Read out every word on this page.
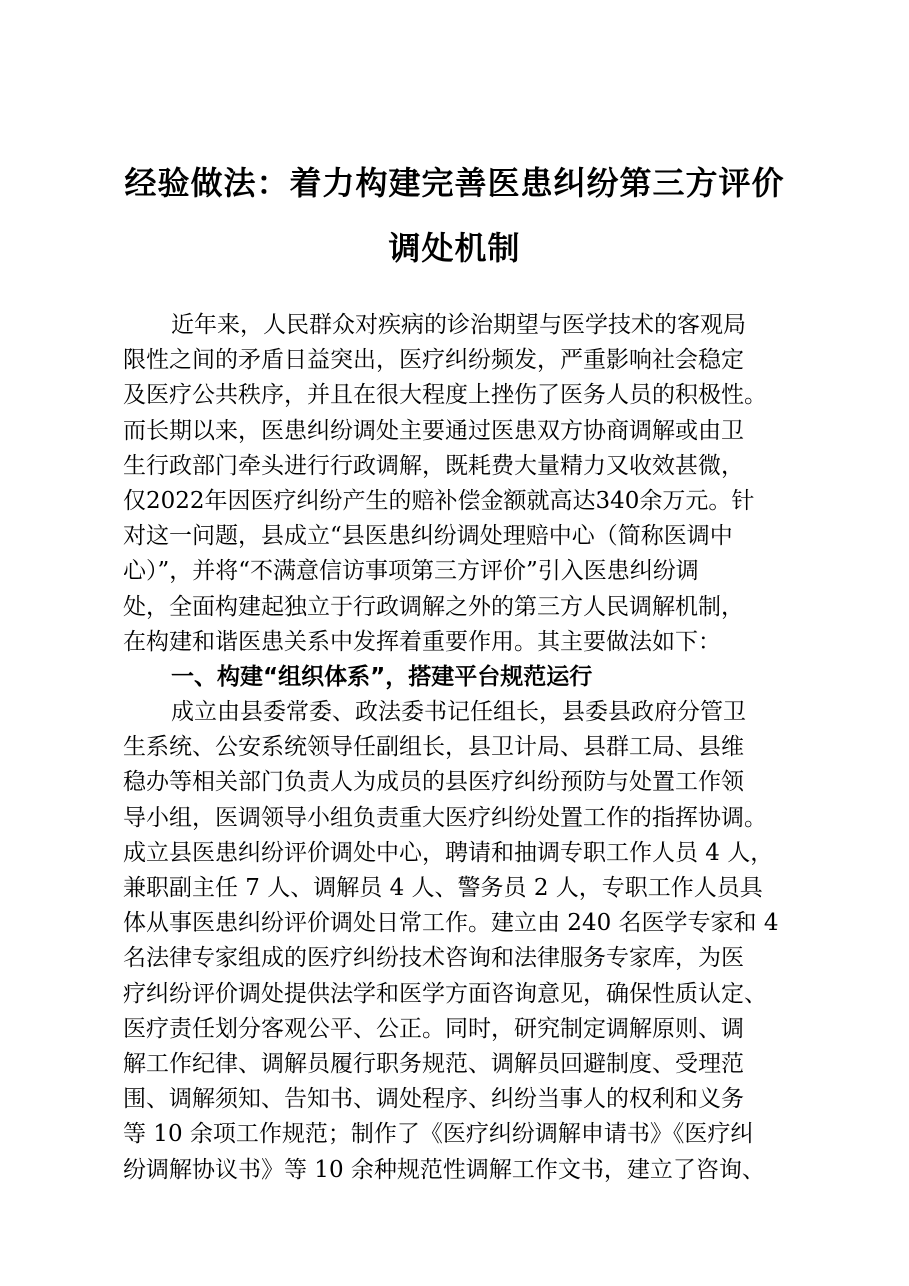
经验做法：着力构建完善医患纠纷第三方评价
调处机制
近年来，人民群众对疾病的诊治期望与医学技术的客观局
限性之间的矛盾日益突出，医疗纠纷频发，严重影响社会稳定
及医疗公共秩序，并且在很大程度上挫伤了医务人员的积极性。
而长期以来，医患纠纷调处主要通过医患双方协商调解或由卫
生行政部门牵头进行行政调解，既耗费大量精力又收效甚微，
仅2022年因医疗纠纷产生的赔补偿金额就高达340余万元。针
对这一问题，县成立“县医患纠纷调处理赔中心（简称医调中
心）”，并将“不满意信访事项第三方评价”引入医患纠纷调
处，全面构建起独立于行政调解之外的第三方人民调解机制，
在构建和谐医患关系中发挥着重要作用。其主要做法如下：
一、构建“组织体系”，搭建平台规范运行
成立由县委常委、政法委书记任组长，县委县政府分管卫
生系统、公安系统领导任副组长，县卫计局、县群工局、县维
稳办等相关部门负责人为成员的县医疗纠纷预防与处置工作领
导小组，医调领导小组负责重大医疗纠纷处置工作的指挥协调。
成立县医患纠纷评价调处中心，聘请和抽调专职工作人员 4 人，
兼职副主任 7 人、调解员 4 人、警务员 2 人，专职工作人员具
体从事医患纠纷评价调处日常工作。建立由 240 名医学专家和 4
名法律专家组成的医疗纠纷技术咨询和法律服务专家库，为医
疗纠纷评价调处提供法学和医学方面咨询意见，确保性质认定、
医疗责任划分客观公平、公正。同时，研究制定调解原则、调
解工作纪律、调解员履行职务规范、调解员回避制度、受理范
围、调解须知、告知书、调处程序、纠纷当事人的权利和义务
等 10 余项工作规范；制作了《医疗纠纷调解申请书》《医疗纠
纷调解协议书》等 10 余种规范性调解工作文书，建立了咨询、
